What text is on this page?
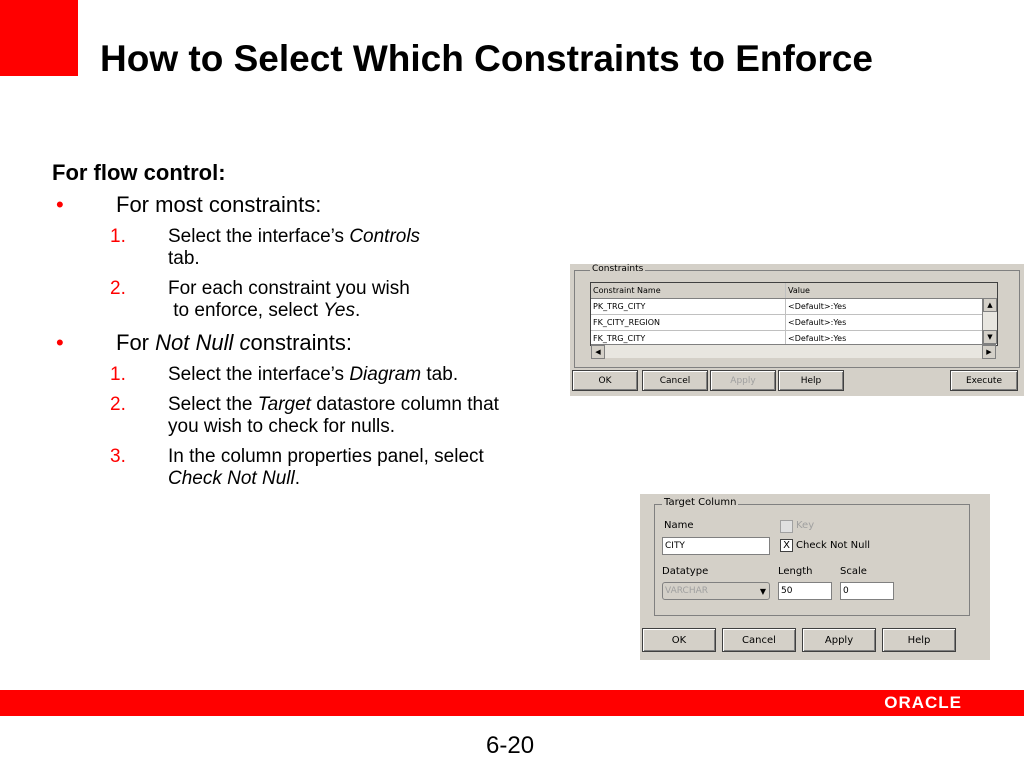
How to Select Which Constraints to Enforce
For flow control:
•	For most constraints:
1.	Select the interface’s Controls
tab.
2.	For each constraint you wish
to enforce, select Yes.
•	For Not Null constraints:
1.	Select the interface’s Diagram tab.
2.	Select the Target datastore column that
you wish to check for nulls.
3.	In the column properties panel, select
Check Not Null.
Constraints
Constraint Name	Value
PK_TRG_CITY	<Default>:Yes
FK_CITY_REGION	<Default>:Yes
FK_TRG_CITY	<Default>:Yes
▲
▼
◀	▶
OK	Cancel	Apply	Help	Execute
Target Column
Name
CITY
Key
X Check Not Null
Datatype
VARCHAR	▼
Length
50
Scale
0
OK	Cancel	Apply	Help
ORACLE
6-20
